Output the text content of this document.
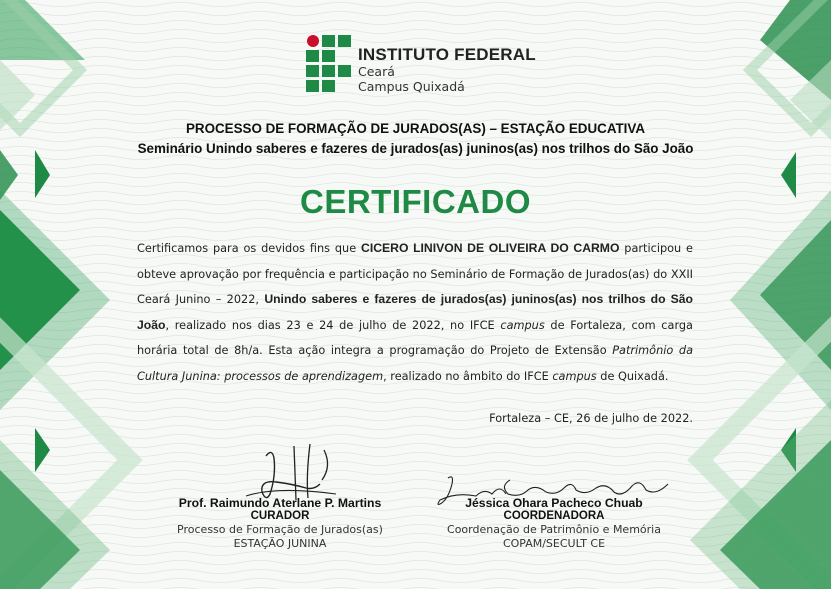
INSTITUTO FEDERAL
Ceará
Campus Quixadá
PROCESSO DE FORMAÇÃO DE JURADOS(AS) – ESTAÇÃO EDUCATIVA
Seminário Unindo saberes e fazeres de jurados(as) juninos(as) nos trilhos do São João
CERTIFICADO
Certificamos para os devidos fins que CICERO LINIVON DE OLIVEIRA DO CARMO participou e obteve aprovação por frequência e participação no Seminário de Formação de Jurados(as) do XXII Ceará Junino – 2022, Unindo saberes e fazeres de jurados(as) juninos(as) nos trilhos do São João, realizado nos dias 23 e 24 de julho de 2022, no IFCE campus de Fortaleza, com carga horária total de 8h/a. Esta ação integra a programação do Projeto de Extensão Patrimônio da Cultura Junina: processos de aprendizagem, realizado no âmbito do IFCE campus de Quixadá.
Fortaleza – CE, 26 de julho de 2022.
Prof. Raimundo Aterlane P. Martins
CURADOR
Processo de Formação de Jurados(as)
ESTAÇÃO JUNINA
Jéssica Ohara Pacheco Chuab
COORDENADORA
Coordenação de Patrimônio e Memória
COPAM/SECULT CE
